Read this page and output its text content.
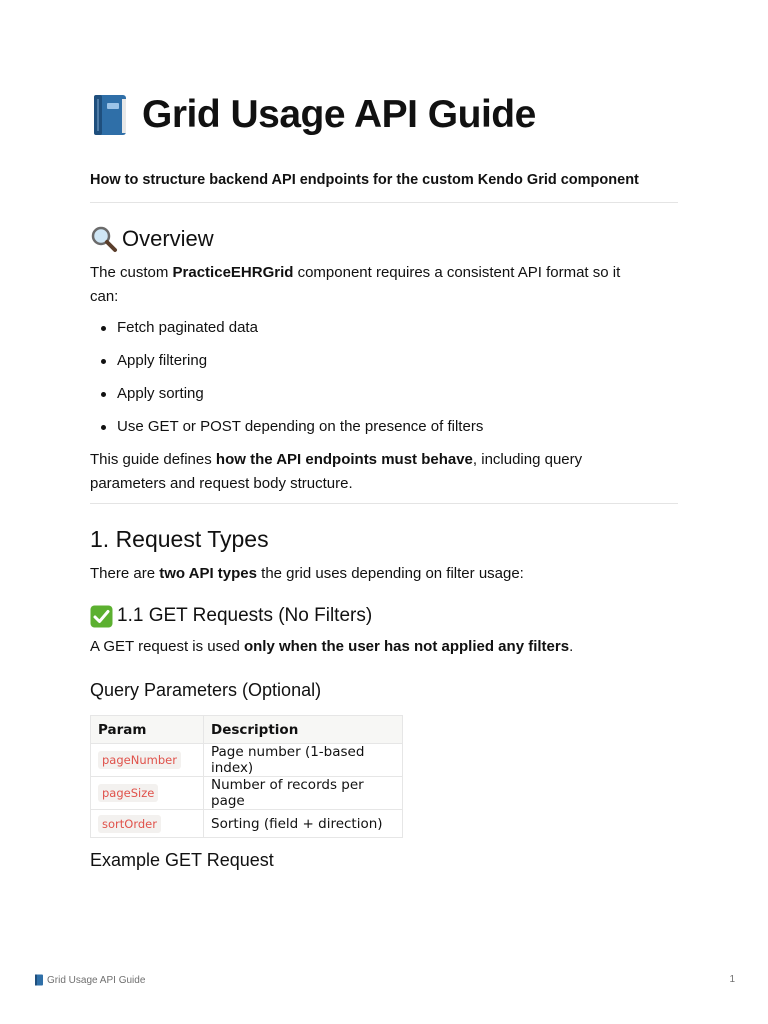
Grid Usage API Guide
How to structure backend API endpoints for the custom Kendo Grid component
Overview
The custom PracticeEHRGrid component requires a consistent API format so it
can:
Fetch paginated data
Apply filtering
Apply sorting
Use GET or POST depending on the presence of filters
This guide defines how the API endpoints must behave, including query
parameters and request body structure.
1. Request Types
There are two API types the grid uses depending on filter usage:
1.1 GET Requests (No Filters)
A GET request is used only when the user has not applied any filters.
Query Parameters (Optional)
Param	Description
pageNumber	Page number (1-based index)
pageSize	Number of records per page
sortOrder	Sorting (field + direction)
Example GET Request
Grid Usage API Guide	1
